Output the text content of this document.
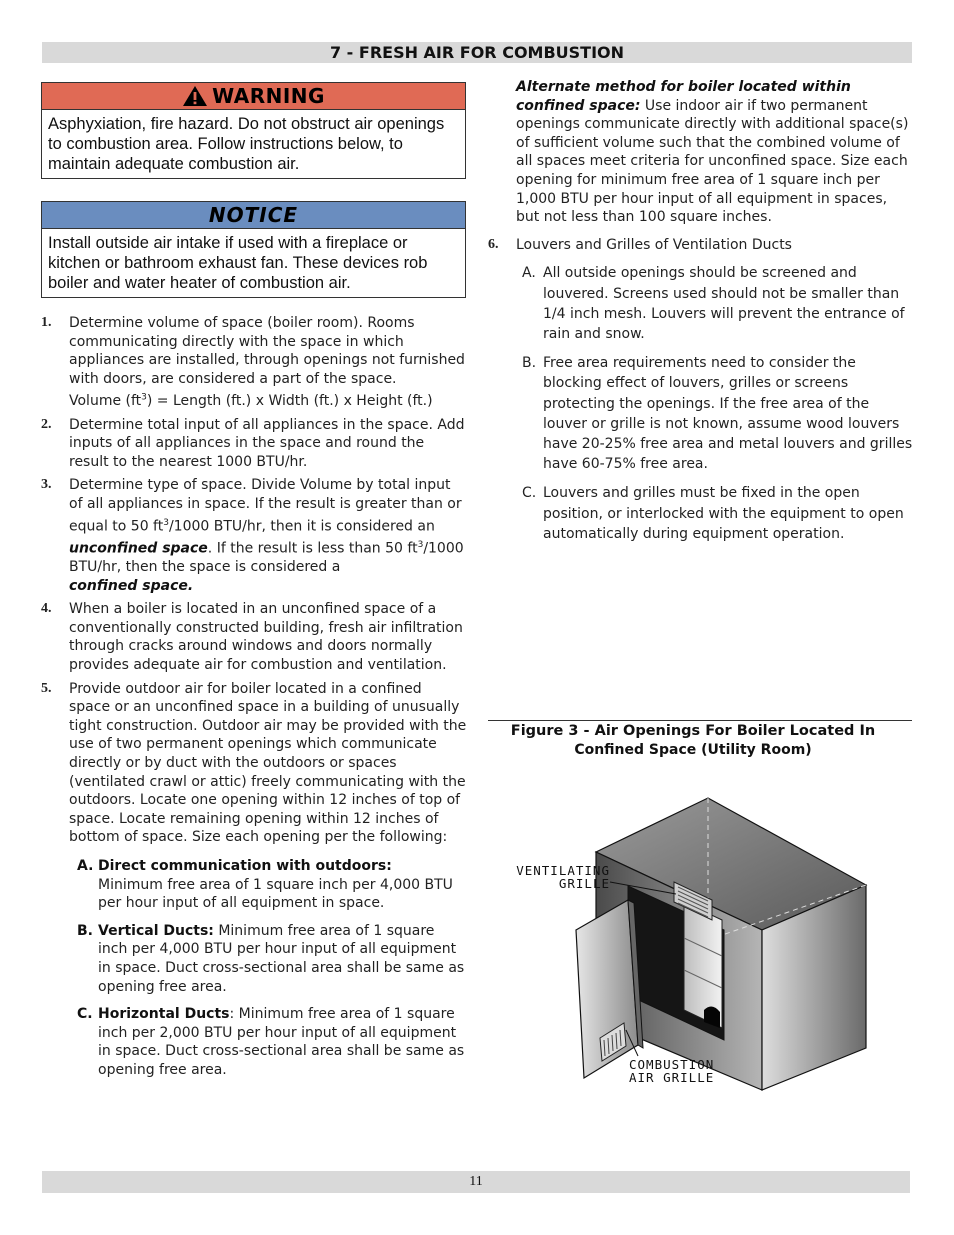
7 - FRESH AIR FOR COMBUSTION
WARNING
Asphyxiation, fire hazard. Do not obstruct air openings to combustion area. Follow instructions below, to maintain adequate combustion air.
NOTICE
Install outside air intake if used with a fireplace or kitchen or bathroom exhaust fan. These devices rob boiler and water heater of combustion air.
1.	Determine volume of space (boiler room). Rooms communicating directly with the space in which appliances are installed, through openings not furnished with doors, are considered a part of the space.
Volume $(ft^3)$ = Length (ft.) x Width (ft.) x Height (ft.)
2.	Determine total input of all appliances in the space. Add inputs of all appliances in the space and round the result to the nearest 1000 BTU/hr.
3.	Determine type of space. Divide Volume by total input of all appliances in space. If the result is greater than or equal to 50 $ft^3/1000$ BTU/hr, then it is considered an unconfined space. If the result is less than 50 $ft^3/1000$ BTU/hr, then the space is considered a
confined space.
4.	When a boiler is located in an unconfined space of a conventionally constructed building, fresh air infiltration through cracks around windows and doors normally provides adequate air for combustion and ventilation.
5.	Provide outdoor air for boiler located in a confined space or an unconfined space in a building of unusually tight construction. Outdoor air may be provided with the use of two permanent openings which communicate directly or by duct with the outdoors or spaces (ventilated crawl or attic) freely communicating with the outdoors. Locate one opening within 12 inches of top of space. Locate remaining opening within 12 inches of bottom of space. Size each opening per the following:
A. Direct communication with outdoors:
Minimum free area of 1 square inch per 4,000 BTU per hour input of all equipment in space.
B. Vertical Ducts: Minimum free area of 1 square inch per 4,000 BTU per hour input of all equipment in space. Duct cross-sectional area shall be same as opening free area.
C. Horizontal Ducts: Minimum free area of 1 square inch per 2,000 BTU per hour input of all equipment in space. Duct cross-sectional area shall be same as opening free area.
Alternate method for boiler located within confined space: Use indoor air if two permanent openings communicate directly with additional space(s) of sufficient volume such that the combined volume of all spaces meet criteria for unconfined space. Size each opening for minimum free area of 1 square inch per 1,000 BTU per hour input of all equipment in spaces, but not less than 100 square inches.
6.	Louvers and Grilles of Ventilation Ducts
A. All outside openings should be screened and louvered. Screens used should not be smaller than 1/4 inch mesh. Louvers will prevent the entrance of rain and snow.
B. Free area requirements need to consider the blocking effect of louvers, grilles or screens protecting the openings. If the free area of the louver or grille is not known, assume wood louvers have 20-25% free area and metal louvers and grilles have 60-75% free area.
C. Louvers and grilles must be fixed in the open position, or interlocked with the equipment to open automatically during equipment operation.
Figure 3 - Air Openings For Boiler Located In
Confined Space (Utility Room)
VENTILATING
GRILLE
COMBUSTION
AIR GRILLE
11
